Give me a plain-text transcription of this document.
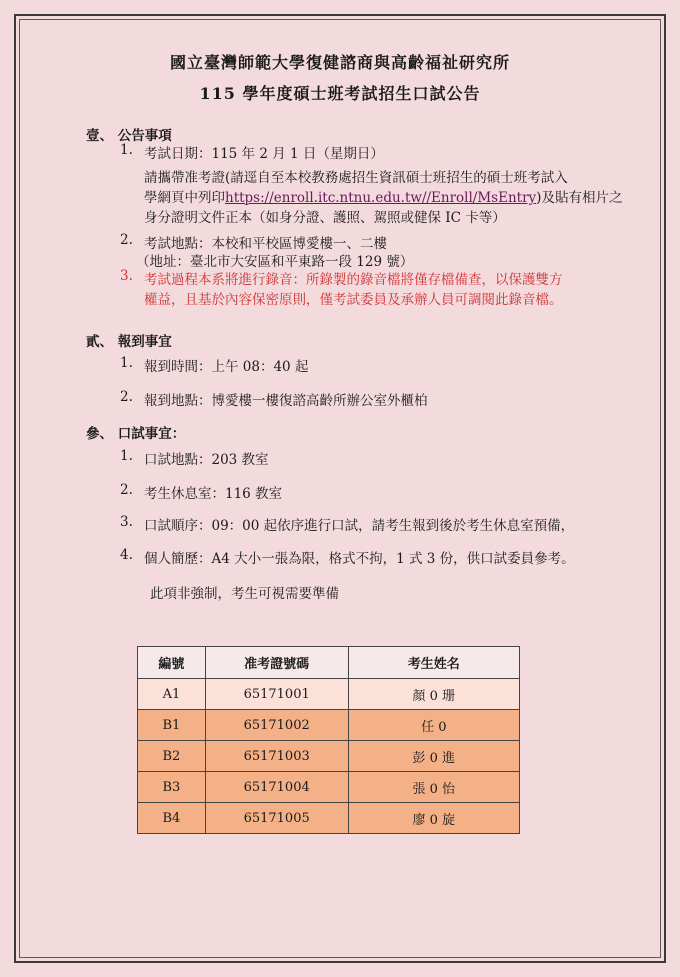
國立臺灣師範大學復健諮商與高齡福祉研究所
115 學年度碩士班考試招生口試公告
壹、 公告事項
1. 考試日期：115 年 2 月 1 日（星期日）
請攜帶准考證(請逕自至本校教務處招生資訊碩士班招生的碩士班考試入
學網頁中列印https://enroll.itc.ntnu.edu.tw//Enroll/MsEntry)及貼有相片之
身分證明文件正本（如身分證、護照、駕照或健保 IC 卡等）
2. 考試地點：本校和平校區博愛樓一、二樓
（地址：臺北市大安區和平東路一段 129 號）
3. 考試過程本系將進行錄音：所錄製的錄音檔將僅存檔備查，以保護雙方
權益，且基於內容保密原則，僅考試委員及承辦人員可調閱此錄音檔。
貳、 報到事宜
1. 報到時間：上午 08：40 起
2. 報到地點：博愛樓一樓復諮高齡所辦公室外櫃柏
參、 口試事宜：
1. 口試地點：203 教室
2. 考生休息室：116 教室
3. 口試順序：09：00 起依序進行口試，請考生報到後於考生休息室預備，
4. 個人簡歷：A4 大小一張為限，格式不拘，1 式 3 份，供口試委員參考。
此項非強制，考生可視需要準備
編號	准考證號碼	考生姓名
A1	65171001	顏 0 珊
B1	65171002	任 0
B2	65171003	彭 0 進
B3	65171004	張 0 怡
B4	65171005	廖 0 旋
